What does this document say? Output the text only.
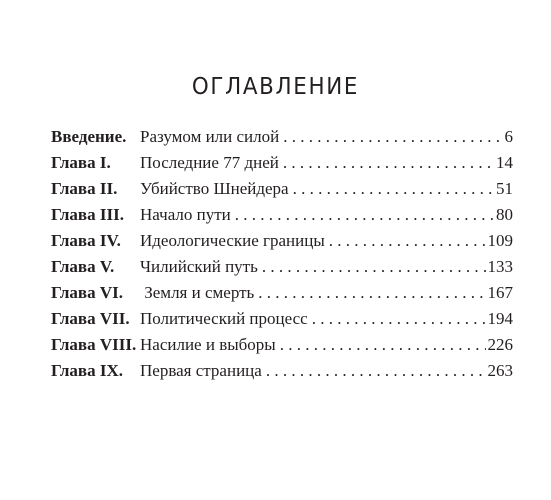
ОГЛАВЛЕНИЕ
Введение. Разумом или силой . . .	6
Глава I.	Последние 77 дней . . .	14
Глава II.	Убийство Шнейдера . . .	51
Глава III. Начало пути . . .	80
Глава IV.	Идеологические границы . . .	109
Глава V.	Чилийский путь . . .	133
Глава VI. Земля и смерть . . .	167
Глава VII. Политический процесс . . .	194
Глава VIII. Насилие и выборы . . .	226
Глава IX. Первая страница . . .	263
